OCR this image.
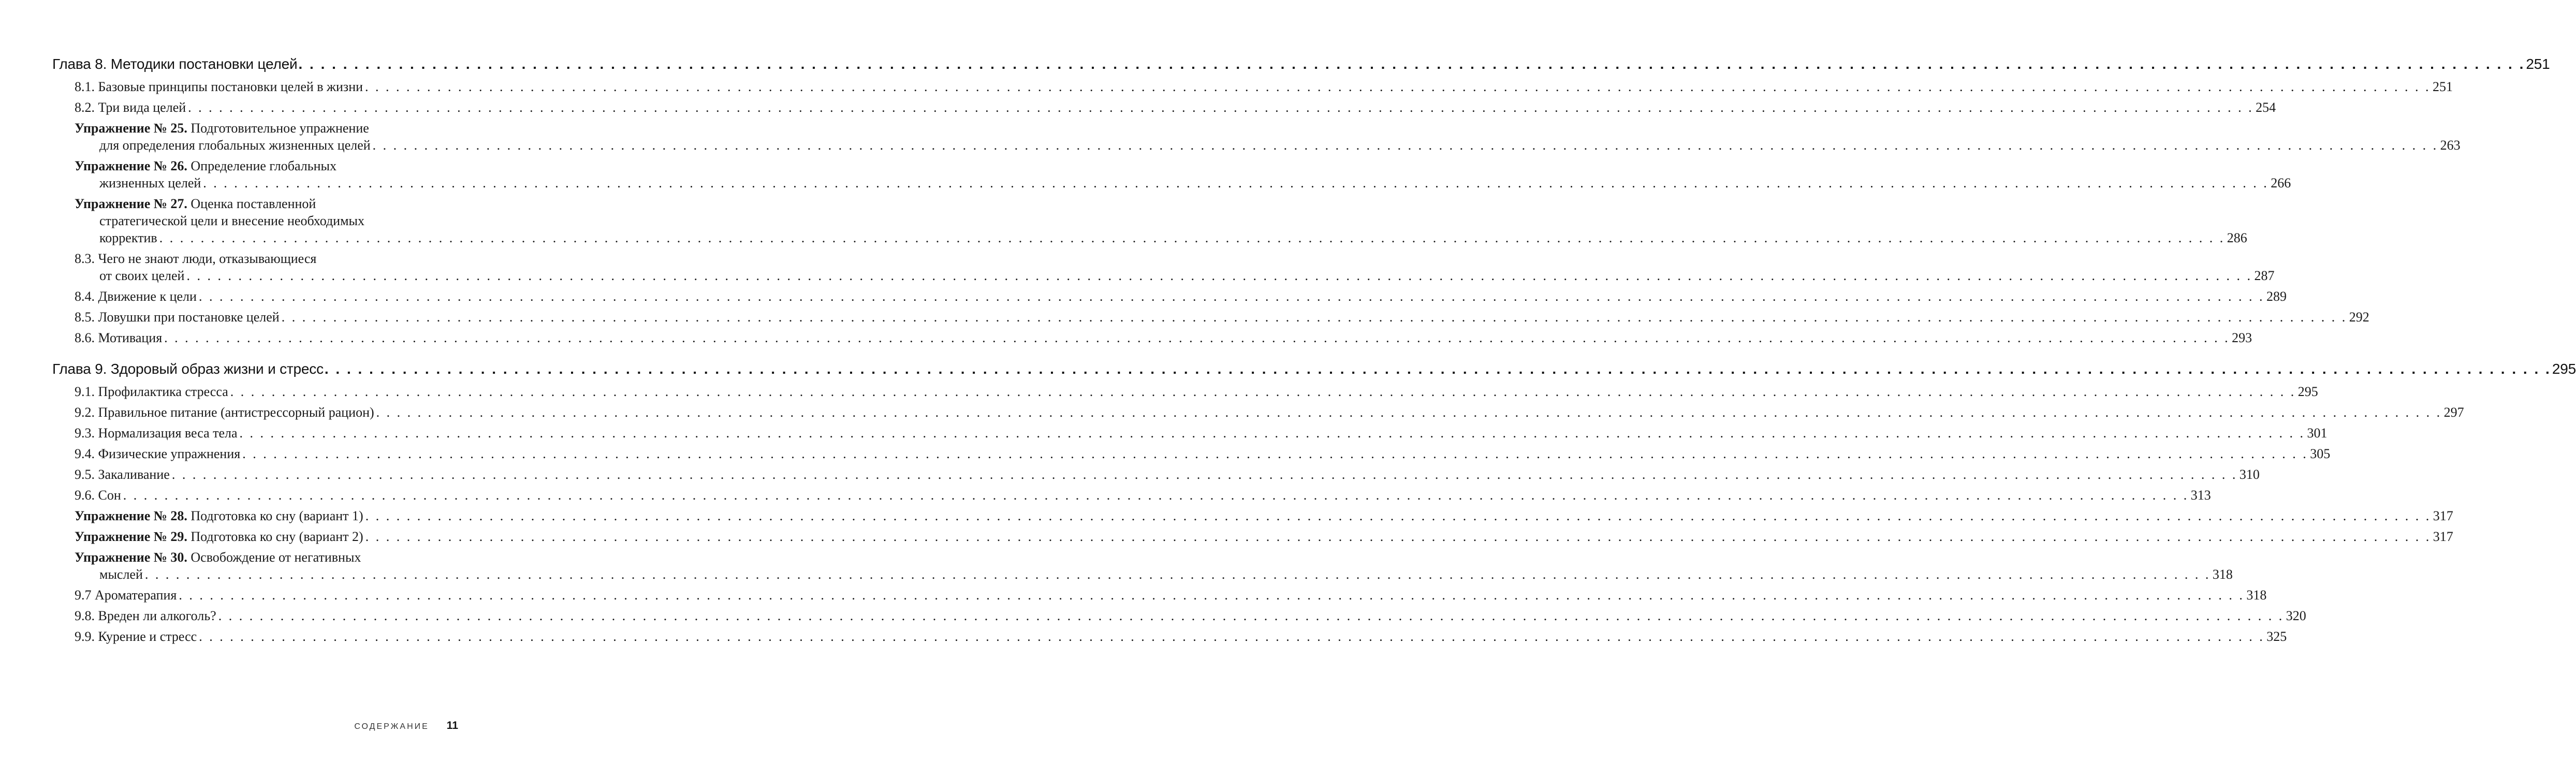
Глава 8. Методики постановки целей . . . . . . . . . . . . . . . . . . . . . . . . . . . . . . . . . . . . . . . . . . . . . . . . . . . . . . . . . . . . . . . . . . . . . . . . . . . . . . . . . . . . . . . . . . . . . . . . . . . . . . . . . . . . . . . . . . . . . . . . . . . . . . . . . . . . . . . . . . . . . . . . . . . . . . . . . . . . . . . . . . . . . . . . . . . . . . . . . . . . . . . . . . . . . . . . . . . . . . . . 251
8.1. Базовые принципы постановки целей в жизни . . . . . . . . . . . . . . . . . . . . . . . . . . . . . . . . . . . . . . . . . . . . . . . . . . . . . . . . . . . . . . . . . . . . . . . . . . . . . . . . . . . . . . . . . . . . . . . . . . . . . . . . . . . . . . . . . . . . . . . . . . . . . . . . . . . . . . . . . . . . . . . . . . . . . . . . . . . . . . . . . . . . . . . . . . . . . . . . . . . . . . . . . . . . . . . . . . . . . . . . 251
8.2. Три вида целей . . . . . . . . . . . . . . . . . . . . . . . . . . . . . . . . . . . . . . . . . . . . . . . . . . . . . . . . . . . . . . . . . . . . . . . . . . . . . . . . . . . . . . . . . . . . . . . . . . . . . . . . . . . . . . . . . . . . . . . . . . . . . . . . . . . . . . . . . . . . . . . . . . . . . . . . . . . . . . . . . . . . . . . . . . . . . . . . . . . . . . . . . . . . . . . . . . . . . . . . 254
Упражнение № 25. Подготовительное упражнение
для определения глобальных жизненных целей . . . . . . . . . . . . . . . . . . . . . . . . . . . . . . . . . . . . . . . . . . . . . . . . . . . . . . . . . . . . . . . . . . . . . . . . . . . . . . . . . . . . . . . . . . . . . . . . . . . . . . . . . . . . . . . . . . . . . . . . . . . . . . . . . . . . . . . . . . . . . . . . . . . . . . . . . . . . . . . . . . . . . . . . . . . . . . . . . . . . . . . . . . . . . . . . . . . . . . . . 263
Упражнение № 26. Определение глобальных
жизненных целей . . . . . . . . . . . . . . . . . . . . . . . . . . . . . . . . . . . . . . . . . . . . . . . . . . . . . . . . . . . . . . . . . . . . . . . . . . . . . . . . . . . . . . . . . . . . . . . . . . . . . . . . . . . . . . . . . . . . . . . . . . . . . . . . . . . . . . . . . . . . . . . . . . . . . . . . . . . . . . . . . . . . . . . . . . . . . . . . . . . . . . . . . . . . . . . . . . . . . . . . 266
Упражнение № 27. Оценка поставленной
стратегической цели и внесение необходимых
корректив . . . . . . . . . . . . . . . . . . . . . . . . . . . . . . . . . . . . . . . . . . . . . . . . . . . . . . . . . . . . . . . . . . . . . . . . . . . . . . . . . . . . . . . . . . . . . . . . . . . . . . . . . . . . . . . . . . . . . . . . . . . . . . . . . . . . . . . . . . . . . . . . . . . . . . . . . . . . . . . . . . . . . . . . . . . . . . . . . . . . . . . . . . . . . . . . . . . . . . . . 286
8.3. Чего не знают люди, отказывающиеся
от своих целей . . . . . . . . . . . . . . . . . . . . . . . . . . . . . . . . . . . . . . . . . . . . . . . . . . . . . . . . . . . . . . . . . . . . . . . . . . . . . . . . . . . . . . . . . . . . . . . . . . . . . . . . . . . . . . . . . . . . . . . . . . . . . . . . . . . . . . . . . . . . . . . . . . . . . . . . . . . . . . . . . . . . . . . . . . . . . . . . . . . . . . . . . . . . . . . . . . . . . . . . 287
8.4. Движение к цели . . . . . . . . . . . . . . . . . . . . . . . . . . . . . . . . . . . . . . . . . . . . . . . . . . . . . . . . . . . . . . . . . . . . . . . . . . . . . . . . . . . . . . . . . . . . . . . . . . . . . . . . . . . . . . . . . . . . . . . . . . . . . . . . . . . . . . . . . . . . . . . . . . . . . . . . . . . . . . . . . . . . . . . . . . . . . . . . . . . . . . . . . . . . . . . . . . . . . . . . 289
8.5. Ловушки при постановке целей . . . . . . . . . . . . . . . . . . . . . . . . . . . . . . . . . . . . . . . . . . . . . . . . . . . . . . . . . . . . . . . . . . . . . . . . . . . . . . . . . . . . . . . . . . . . . . . . . . . . . . . . . . . . . . . . . . . . . . . . . . . . . . . . . . . . . . . . . . . . . . . . . . . . . . . . . . . . . . . . . . . . . . . . . . . . . . . . . . . . . . . . . . . . . . . . . . . . . . . . 292
8.6. Мотивация . . . . . . . . . . . . . . . . . . . . . . . . . . . . . . . . . . . . . . . . . . . . . . . . . . . . . . . . . . . . . . . . . . . . . . . . . . . . . . . . . . . . . . . . . . . . . . . . . . . . . . . . . . . . . . . . . . . . . . . . . . . . . . . . . . . . . . . . . . . . . . . . . . . . . . . . . . . . . . . . . . . . . . . . . . . . . . . . . . . . . . . . . . . . . . . . . . . . . . . . 293
Глава 9. Здоровый образ жизни и стресс . . . . . . . . . . . . . . . . . . . . . . . . . . . . . . . . . . . . . . . . . . . . . . . . . . . . . . . . . . . . . . . . . . . . . . . . . . . . . . . . . . . . . . . . . . . . . . . . . . . . . . . . . . . . . . . . . . . . . . . . . . . . . . . . . . . . . . . . . . . . . . . . . . . . . . . . . . . . . . . . . . . . . . . . . . . . . . . . . . . . . . . . . . . . . . . . . . . . . . . . 295
9.1. Профилактика стресса . . . . . . . . . . . . . . . . . . . . . . . . . . . . . . . . . . . . . . . . . . . . . . . . . . . . . . . . . . . . . . . . . . . . . . . . . . . . . . . . . . . . . . . . . . . . . . . . . . . . . . . . . . . . . . . . . . . . . . . . . . . . . . . . . . . . . . . . . . . . . . . . . . . . . . . . . . . . . . . . . . . . . . . . . . . . . . . . . . . . . . . . . . . . . . . . . . . . . . . . 295
9.2. Правильное питание (антистрессорный рацион) . . . . . . . . . . . . . . . . . . . . . . . . . . . . . . . . . . . . . . . . . . . . . . . . . . . . . . . . . . . . . . . . . . . . . . . . . . . . . . . . . . . . . . . . . . . . . . . . . . . . . . . . . . . . . . . . . . . . . . . . . . . . . . . . . . . . . . . . . . . . . . . . . . . . . . . . . . . . . . . . . . . . . . . . . . . . . . . . . . . . . . . . . . . . . . . . . . . . . . . . 297
9.3. Нормализация веса тела . . . . . . . . . . . . . . . . . . . . . . . . . . . . . . . . . . . . . . . . . . . . . . . . . . . . . . . . . . . . . . . . . . . . . . . . . . . . . . . . . . . . . . . . . . . . . . . . . . . . . . . . . . . . . . . . . . . . . . . . . . . . . . . . . . . . . . . . . . . . . . . . . . . . . . . . . . . . . . . . . . . . . . . . . . . . . . . . . . . . . . . . . . . . . . . . . . . . . . . . 301
9.4. Физические упражнения . . . . . . . . . . . . . . . . . . . . . . . . . . . . . . . . . . . . . . . . . . . . . . . . . . . . . . . . . . . . . . . . . . . . . . . . . . . . . . . . . . . . . . . . . . . . . . . . . . . . . . . . . . . . . . . . . . . . . . . . . . . . . . . . . . . . . . . . . . . . . . . . . . . . . . . . . . . . . . . . . . . . . . . . . . . . . . . . . . . . . . . . . . . . . . . . . . . . . . . . 305
9.5. Закаливание . . . . . . . . . . . . . . . . . . . . . . . . . . . . . . . . . . . . . . . . . . . . . . . . . . . . . . . . . . . . . . . . . . . . . . . . . . . . . . . . . . . . . . . . . . . . . . . . . . . . . . . . . . . . . . . . . . . . . . . . . . . . . . . . . . . . . . . . . . . . . . . . . . . . . . . . . . . . . . . . . . . . . . . . . . . . . . . . . . . . . . . . . . . . . . . . . . . . . . . . 310
9.6. Сон . . . . . . . . . . . . . . . . . . . . . . . . . . . . . . . . . . . . . . . . . . . . . . . . . . . . . . . . . . . . . . . . . . . . . . . . . . . . . . . . . . . . . . . . . . . . . . . . . . . . . . . . . . . . . . . . . . . . . . . . . . . . . . . . . . . . . . . . . . . . . . . . . . . . . . . . . . . . . . . . . . . . . . . . . . . . . . . . . . . . . . . . . . . . . . . . . . . . . . . . 313
Упражнение № 28. Подготовка ко сну (вариант 1) . . . . . . . . . . . . . . . . . . . . . . . . . . . . . . . . . . . . . . . . . . . . . . . . . . . . . . . . . . . . . . . . . . . . . . . . . . . . . . . . . . . . . . . . . . . . . . . . . . . . . . . . . . . . . . . . . . . . . . . . . . . . . . . . . . . . . . . . . . . . . . . . . . . . . . . . . . . . . . . . . . . . . . . . . . . . . . . . . . . . . . . . . . . . . . . . . . . . . . . . 317
Упражнение № 29. Подготовка ко сну (вариант 2) . . . . . . . . . . . . . . . . . . . . . . . . . . . . . . . . . . . . . . . . . . . . . . . . . . . . . . . . . . . . . . . . . . . . . . . . . . . . . . . . . . . . . . . . . . . . . . . . . . . . . . . . . . . . . . . . . . . . . . . . . . . . . . . . . . . . . . . . . . . . . . . . . . . . . . . . . . . . . . . . . . . . . . . . . . . . . . . . . . . . . . . . . . . . . . . . . . . . . . . . 317
Упражнение № 30. Освобождение от негативных
мыслей . . . . . . . . . . . . . . . . . . . . . . . . . . . . . . . . . . . . . . . . . . . . . . . . . . . . . . . . . . . . . . . . . . . . . . . . . . . . . . . . . . . . . . . . . . . . . . . . . . . . . . . . . . . . . . . . . . . . . . . . . . . . . . . . . . . . . . . . . . . . . . . . . . . . . . . . . . . . . . . . . . . . . . . . . . . . . . . . . . . . . . . . . . . . . . . . . . . . . . . . 318
9.7 Ароматерапия . . . . . . . . . . . . . . . . . . . . . . . . . . . . . . . . . . . . . . . . . . . . . . . . . . . . . . . . . . . . . . . . . . . . . . . . . . . . . . . . . . . . . . . . . . . . . . . . . . . . . . . . . . . . . . . . . . . . . . . . . . . . . . . . . . . . . . . . . . . . . . . . . . . . . . . . . . . . . . . . . . . . . . . . . . . . . . . . . . . . . . . . . . . . . . . . . . . . . . . . 318
9.8. Вреден ли алкоголь? . . . . . . . . . . . . . . . . . . . . . . . . . . . . . . . . . . . . . . . . . . . . . . . . . . . . . . . . . . . . . . . . . . . . . . . . . . . . . . . . . . . . . . . . . . . . . . . . . . . . . . . . . . . . . . . . . . . . . . . . . . . . . . . . . . . . . . . . . . . . . . . . . . . . . . . . . . . . . . . . . . . . . . . . . . . . . . . . . . . . . . . . . . . . . . . . . . . . . . . . 320
9.9. Курение и стресс . . . . . . . . . . . . . . . . . . . . . . . . . . . . . . . . . . . . . . . . . . . . . . . . . . . . . . . . . . . . . . . . . . . . . . . . . . . . . . . . . . . . . . . . . . . . . . . . . . . . . . . . . . . . . . . . . . . . . . . . . . . . . . . . . . . . . . . . . . . . . . . . . . . . . . . . . . . . . . . . . . . . . . . . . . . . . . . . . . . . . . . . . . . . . . . . . . . . . . . . 325
СОДЕРЖАНИЕ 11
